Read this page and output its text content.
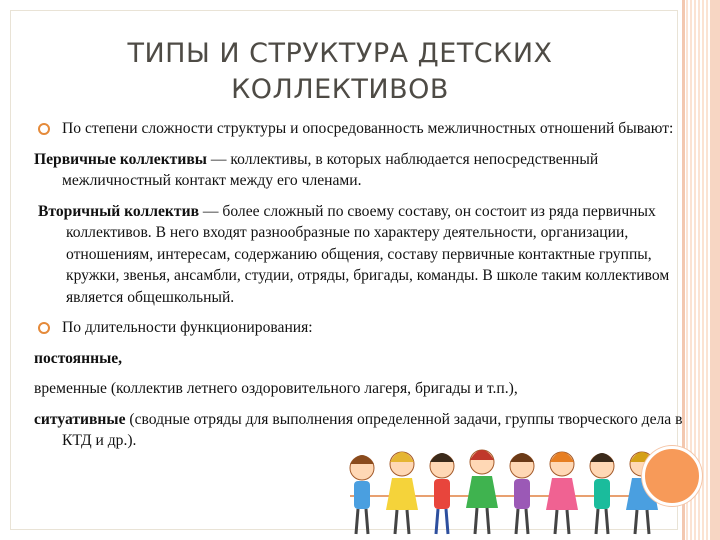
ТИПЫ И СТРУКТУРА ДЕТСКИХ
КОЛЛЕКТИВОВ

По степени сложности структуры и опосредованность межличностных отношений бывают:

Первичные коллективы — коллективы, в которых наблюдается непосредственный межличностный контакт между его членами.

Вторичный коллектив — более сложный по своему составу, он состоит из ряда первичных коллективов. В него входят разнообразные по характеру деятельности, организации, отношениям, интересам, содержанию общения, составу первичные контактные группы, кружки, звенья, ансамбли, студии, отряды, бригады, команды. В школе таким коллективом является общешкольный.

По длительности функционирования:

постоянные,

временные (коллектив летнего оздоровительного лагеря, бригады и т.п.),

ситуативные (сводные отряды для выполнения определенной задачи, группы творческого дела в КТД и др.).
